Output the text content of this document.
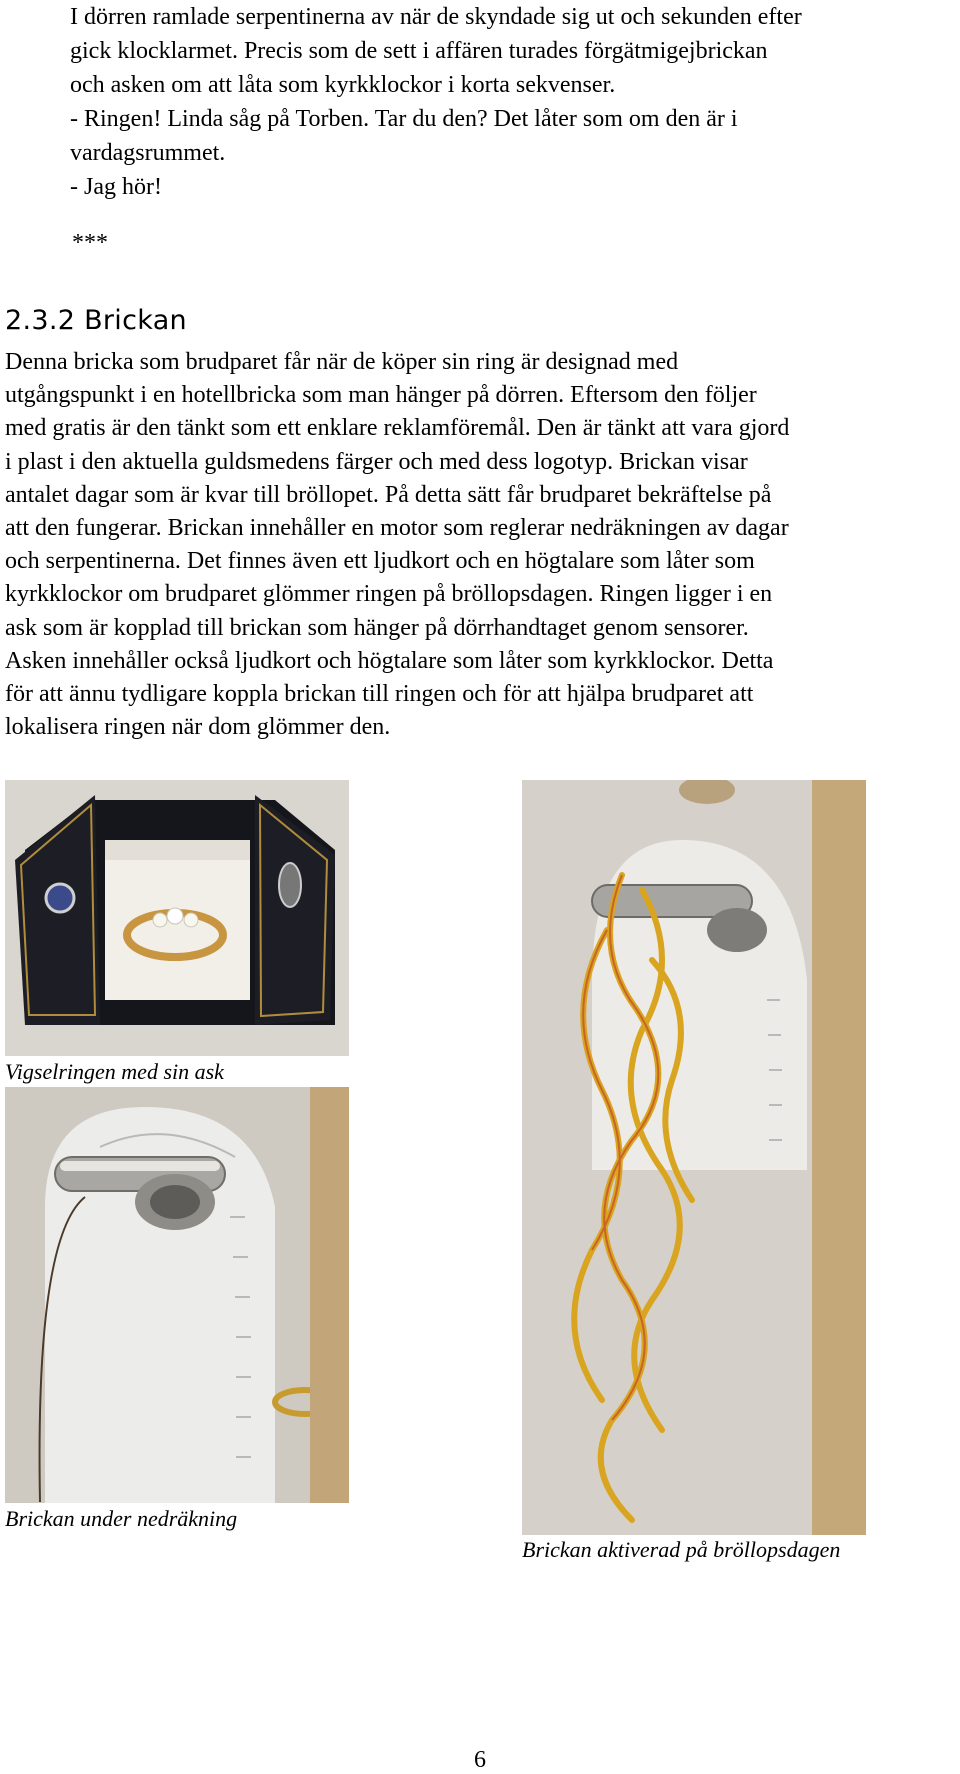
I dörren ramlade serpentinerna av när de skyndade sig ut och sekunden efter

gick klocklarmet. Precis som de sett i affären turades förgätmigejbrickan

och asken om att låta som kyrkklockor i korta sekvenser.

- Ringen! Linda såg på Torben. Tar du den? Det låter som om den är i

vardagsrummet.

- Jag hör!

***
2.3.2 Brickan
Denna bricka som brudparet får när de köper sin ring är designad med
utgångspunkt i en hotellbricka som man hänger på dörren. Eftersom den följer
med gratis är den tänkt som ett enklare reklamföremål. Den är tänkt att vara gjord
i plast i den aktuella guldsmedens färger och med dess logotyp. Brickan visar
antalet dagar som är kvar till bröllopet. På detta sätt får brudparet bekräftelse på
att den fungerar. Brickan innehåller en motor som reglerar nedräkningen av dagar
och serpentinerna. Det finnes även ett ljudkort och en högtalare som låter som
kyrkklockor om brudparet glömmer ringen på bröllopsdagen. Ringen ligger i en
ask som är kopplad till brickan som hänger på dörrhandtaget genom sensorer.
Asken innehåller också ljudkort och högtalare som låter som kyrkklockor. Detta
för att ännu tydligare koppla brickan till ringen och för att hjälpa brudparet att
lokalisera ringen när dom glömmer den.
Vigselringen med sin ask
Brickan under nedräkning
Brickan aktiverad på bröllopsdagen
6
